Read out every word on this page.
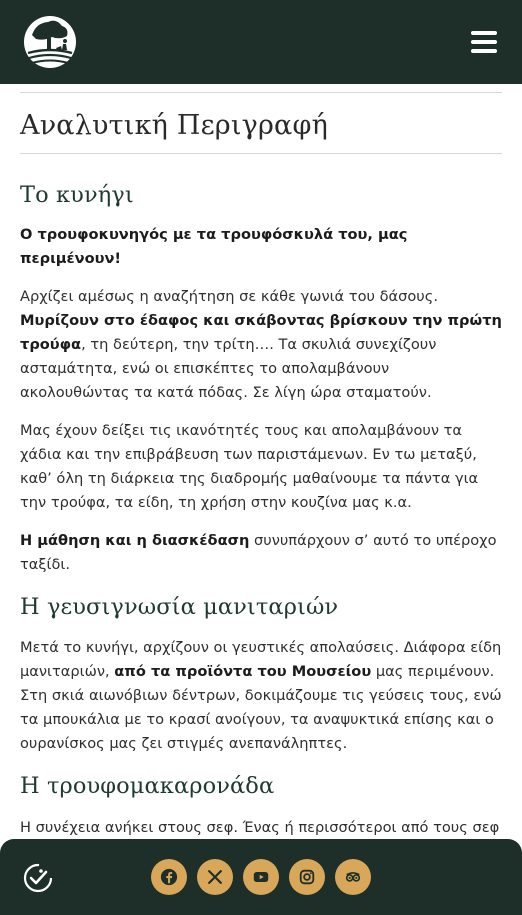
Αναλυτική Περιγραφή
Το κυνήγι

Ο τρουφοκυνηγός με τα τρουφόσκυλά του, μας περιμένουν!

Αρχίζει αμέσως η αναζήτηση σε κάθε γωνιά του δάσους. Μυρίζουν στο έδαφος και σκάβοντας βρίσκουν την πρώτη τρούφα, τη δεύτερη, την τρίτη…. Τα σκυλιά συνεχίζουν ασταμάτητα, ενώ οι επισκέπτες το απολαμβάνουν ακολουθώντας τα κατά πόδας. Σε λίγη ώρα σταματούν.

Μας έχουν δείξει τις ικανότητές τους και απολαμβάνουν τα χάδια και την επιβράβευση των παριστάμενων. Εν τω μεταξύ, καθ’ όλη τη διάρκεια της διαδρομής μαθαίνουμε τα πάντα για την τρούφα, τα είδη, τη χρήση στην κουζίνα μας κ.α.

Η μάθηση και η διασκέδαση συνυπάρχουν σ’ αυτό το υπέροχο ταξίδι.

Η γευσιγνωσία μανιταριών

Μετά το κυνήγι, αρχίζουν οι γευστικές απολαύσεις. Διάφορα είδη μανιταριών, από τα προϊόντα του Μουσείου μας περιμένουν. Στη σκιά αιωνόβιων δέντρων, δοκιμάζουμε τις γεύσεις τους, ενώ τα μπουκάλια με το κρασί ανοίγουν, τα αναψυκτικά επίσης και ο ουρανίσκος μας ζει στιγμές ανεπανάληπτες.

Η τρουφομακαρονάδα

Η συνέχεια ανήκει στους σεφ. Ένας ή περισσότεροι από τους σεφ
